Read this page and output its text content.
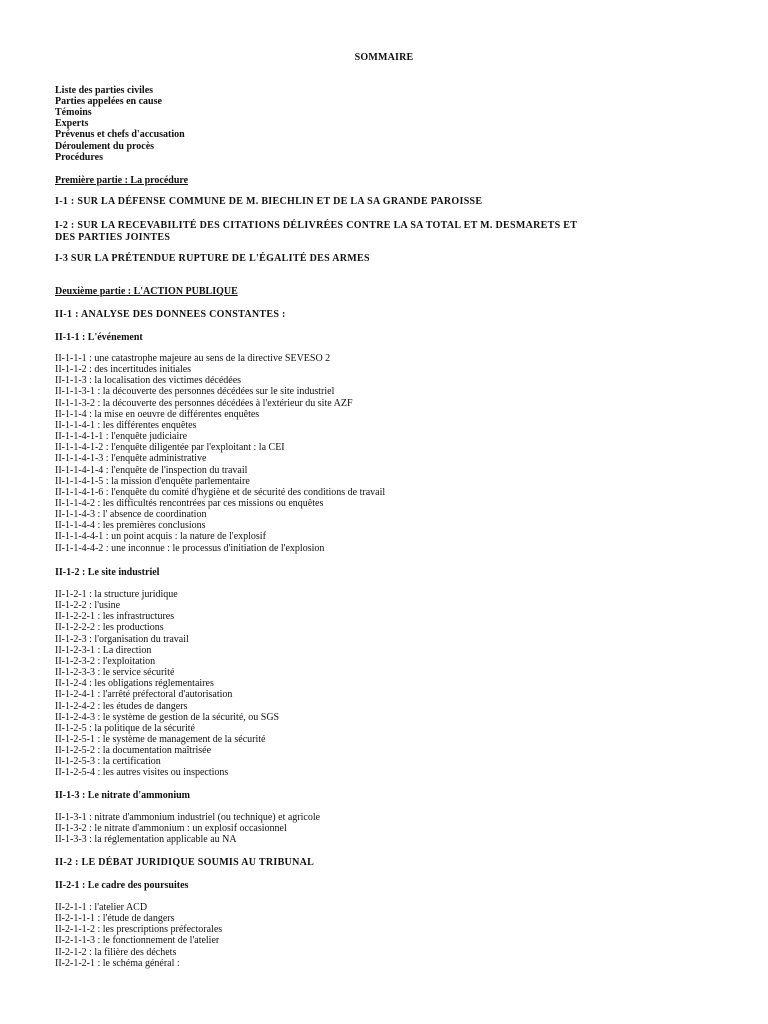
SOMMAIRE
Liste des parties civiles
Parties appelées en cause
Témoins
Experts
Prévenus et chefs d'accusation
Déroulement du procès
Procédures
Première partie : La procédure
I-1 : SUR LA DÉFENSE COMMUNE DE M. BIECHLIN ET DE LA SA GRANDE PAROISSE
I-2 : SUR LA RECEVABILITÉ DES CITATIONS DÉLIVRÉES CONTRE LA SA TOTAL ET M. DESMARETS ET
DES PARTIES JOINTES
I-3 SUR LA PRÉTENDUE RUPTURE DE L'ÉGALITÉ DES ARMES
Deuxième partie : L'ACTION PUBLIQUE
II-1 : ANALYSE DES DONNEES CONSTANTES :
II-1-1 : L'événement
II-1-1-1 : une catastrophe majeure au sens de la directive SEVESO 2
II-1-1-2 : des incertitudes initiales
II-1-1-3 : la localisation des victimes décédées
II-1-1-3-1 : la découverte des personnes décédées sur le site industriel
II-1-1-3-2 : la découverte des personnes décédées à l'extérieur du site AZF
II-1-1-4 : la mise en oeuvre de différentes enquêtes
II-1-1-4-1 : les différentes enquêtes
II-1-1-4-1-1 : l'enquête judiciaire
II-1-1-4-1-2 : l'enquête diligentée par l'exploitant : la CEI
II-1-1-4-1-3 : l'enquête administrative
II-1-1-4-1-4 : l'enquête de l'inspection du travail
II-1-1-4-1-5 : la mission d'enquête parlementaire
II-1-1-4-1-6 : l'enquête du comité d'hygiène et de sécurité des conditions de travail
II-1-1-4-2 : les difficultés rencontrées par ces missions ou enquêtes
II-1-1-4-3 : l' absence de coordination
II-1-1-4-4 : les premières conclusions
II-1-1-4-4-1 : un point acquis : la nature de l'explosif
II-1-1-4-4-2 : une inconnue : le processus d'initiation de l'explosion
II-1-2 : Le site industriel
II-1-2-1 : la structure juridique
II-1-2-2 : l'usine
II-1-2-2-1 : les infrastructures
II-1-2-2-2 : les productions
II-1-2-3 : l'organisation du travail
II-1-2-3-1 : La direction
II-1-2-3-2 : l'exploitation
II-1-2-3-3 : le service sécurité
II-1-2-4 : les obligations réglementaires
II-1-2-4-1 : l'arrêté préfectoral d'autorisation
II-1-2-4-2 : les études de dangers
II-1-2-4-3 : le système de gestion de la sécurité, ou SGS
II-1-2-5 : la politique de la sécurité
II-1-2-5-1 : le système de management de la sécurité
II-1-2-5-2 : la documentation maîtrisée
II-1-2-5-3 : la certification
II-1-2-5-4 : les autres visites ou inspections
II-1-3 : Le nitrate d'ammonium
II-1-3-1 : nitrate d'ammonium industriel (ou technique) et agricole
II-1-3-2 : le nitrate d'ammonium : un explosif occasionnel
II-1-3-3 : la réglementation applicable au NA
II-2 : LE DÉBAT JURIDIQUE SOUMIS AU TRIBUNAL
II-2-1 : Le cadre des poursuites
II-2-1-1 : l'atelier ACD
II-2-1-1-1 : l'étude de dangers
II-2-1-1-2 : les prescriptions préfectorales
II-2-1-1-3 : le fonctionnement de l'atelier
II-2-1-2 : la filière des déchets
II-2-1-2-1 : le schéma général :
